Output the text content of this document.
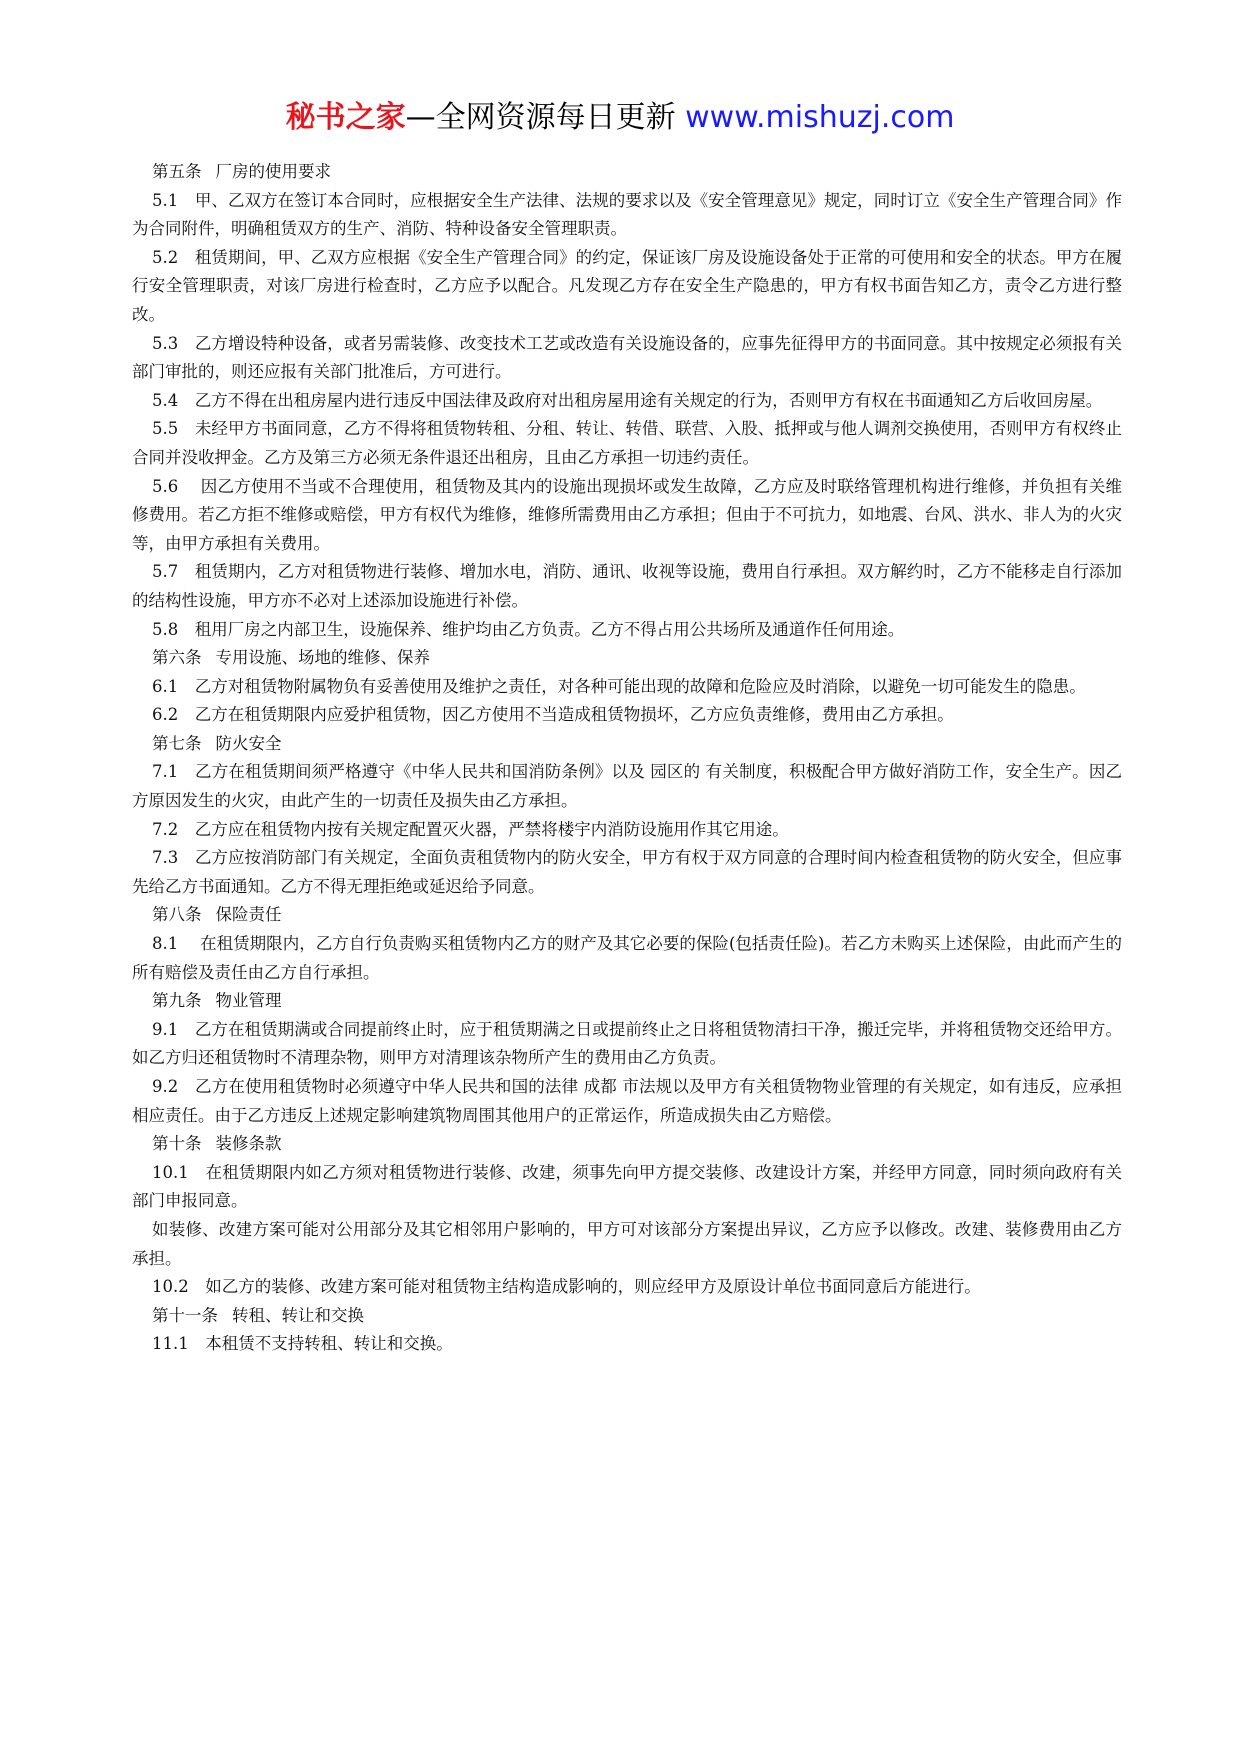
秘书之家—全网资源每日更新 www.mishuzj.com
第五条 厂房的使用要求

5.1　甲、乙双方在签订本合同时，应根据安全生产法律、法规的要求以及《安全管理意见》规定，同时订立《安全生产管理合同》作为合同附件，明确租赁双方的生产、消防、特种设备安全管理职责。

5.2　租赁期间，甲、乙双方应根据《安全生产管理合同》的约定，保证该厂房及设施设备处于正常的可使用和安全的状态。甲方在履行安全管理职责，对该厂房进行检查时，乙方应予以配合。凡发现乙方存在安全生产隐患的，甲方有权书面告知乙方，责令乙方进行整改。

5.3　乙方增设特种设备，或者另需装修、改变技术工艺或改造有关设施设备的，应事先征得甲方的书面同意。其中按规定必须报有关部门审批的，则还应报有关部门批准后，方可进行。

5.4　乙方不得在出租房屋内进行违反中国法律及政府对出租房屋用途有关规定的行为，否则甲方有权在书面通知乙方后收回房屋。

5.5　未经甲方书面同意，乙方不得将租赁物转租、分租、转让、转借、联营、入股、抵押或与他人调剂交换使用，否则甲方有权终止合同并没收押金。乙方及第三方必须无条件退还出租房，且由乙方承担一切违约责任。

5.6　 因乙方使用不当或不合理使用，租赁物及其内的设施出现损坏或发生故障，乙方应及时联络管理机构进行维修，并负担有关维修费用。若乙方拒不维修或赔偿，甲方有权代为维修，维修所需费用由乙方承担；但由于不可抗力，如地震、台风、洪水、非人为的火灾等，由甲方承担有关费用。

5.7　租赁期内，乙方对租赁物进行装修、增加水电，消防、通讯、收视等设施，费用自行承担。双方解约时，乙方不能移走自行添加的结构性设施，甲方亦不必对上述添加设施进行补偿。

5.8　租用厂房之内部卫生，设施保养、维护均由乙方负责。乙方不得占用公共场所及通道作任何用途。

第六条 专用设施、场地的维修、保养

6.1　乙方对租赁物附属物负有妥善使用及维护之责任，对各种可能出现的故障和危险应及时消除，以避免一切可能发生的隐患。

6.2　乙方在租赁期限内应爱护租赁物，因乙方使用不当造成租赁物损坏，乙方应负责维修，费用由乙方承担。

第七条 防火安全

7.1　乙方在租赁期间须严格遵守《中华人民共和国消防条例》以及 园区的 有关制度，积极配合甲方做好消防工作，安全生产。因乙方原因发生的火灾，由此产生的一切责任及损失由乙方承担。

7.2　乙方应在租赁物内按有关规定配置灭火器，严禁将楼宇内消防设施用作其它用途。

7.3　乙方应按消防部门有关规定，全面负责租赁物内的防火安全，甲方有权于双方同意的合理时间内检查租赁物的防火安全，但应事先给乙方书面通知。乙方不得无理拒绝或延迟给予同意。

第八条 保险责任

8.1　 在租赁期限内，乙方自行负责购买租赁物内乙方的财产及其它必要的保险(包括责任险)。若乙方未购买上述保险，由此而产生的所有赔偿及责任由乙方自行承担。

第九条 物业管理

9.1　乙方在租赁期满或合同提前终止时，应于租赁期满之日或提前终止之日将租赁物清扫干净，搬迁完毕，并将租赁物交还给甲方。如乙方归还租赁物时不清理杂物，则甲方对清理该杂物所产生的费用由乙方负责。

9.2　乙方在使用租赁物时必须遵守中华人民共和国的法律 成都 市法规以及甲方有关租赁物物业管理的有关规定，如有违反，应承担相应责任。由于乙方违反上述规定影响建筑物周围其他用户的正常运作，所造成损失由乙方赔偿。

第十条 装修条款

10.1　在租赁期限内如乙方须对租赁物进行装修、改建，须事先向甲方提交装修、改建设计方案，并经甲方同意，同时须向政府有关部门申报同意。

如装修、改建方案可能对公用部分及其它相邻用户影响的，甲方可对该部分方案提出异议，乙方应予以修改。改建、装修费用由乙方承担。

10.2　如乙方的装修、改建方案可能对租赁物主结构造成影响的，则应经甲方及原设计单位书面同意后方能进行。

第十一条 转租、转让和交换

11.1　本租赁不支持转租、转让和交换。
